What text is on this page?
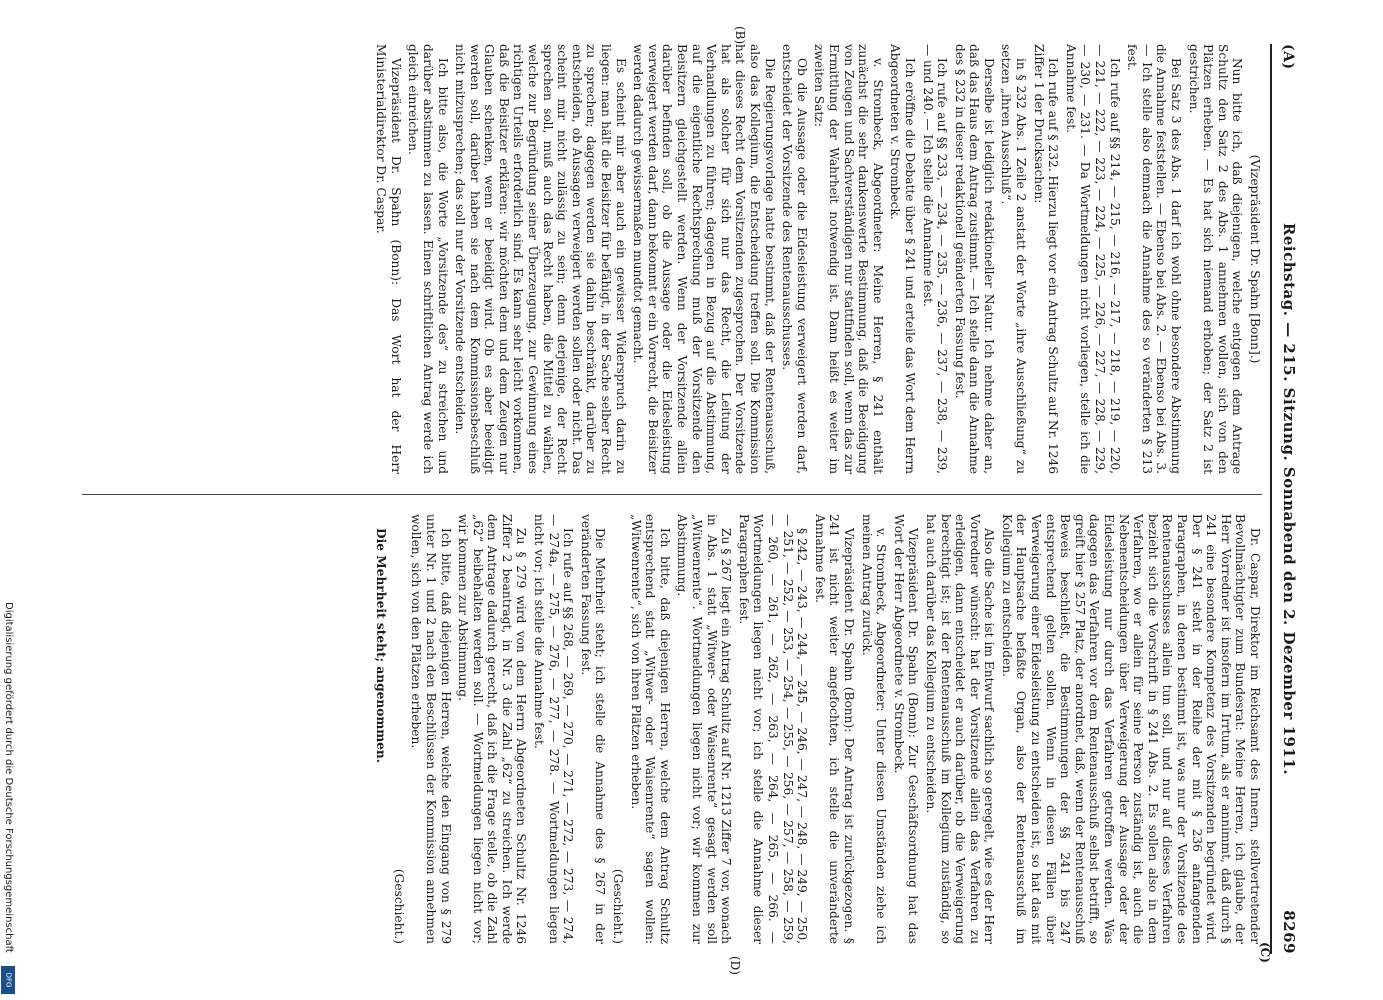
(A)
Reichstag. — 215. Sitzung. Sonnabend den 2. Dezember 1911.
8269
(C)
(B)
(D)

(Vizepräsident Dr. Spahn [Bonn].)

Nun bitte ich, daß diejenigen, welche entgegen dem Antrage Schultz den Satz 2 des Abs. 1 annehmen wollen, sich von den Plätzen erheben. — Es hat sich niemand erhoben; der Satz 2 ist gestrichen.

Bei Satz 3 des Abs. 1 darf ich wohl ohne besondere Abstimmung die Annahme feststellen. — Ebenso bei Abs. 2. — Ebenso bei Abs. 3. — Ich stelle also demnach die Annahme des so veränderten § 213 fest.

Ich rufe auf §§ 214, — 215, — 216, — 217, — 218, — 219, — 220, — 221, — 222, — 223, — 224, — 225, — 226, — 227, — 228, — 229, — 230, — 231. — Da Wortmeldungen nicht vorliegen, stelle ich die Annahme fest.

Ich rufe auf § 232. Hierzu liegt vor ein Antrag Schultz auf Nr. 1246 Ziffer 1 der Drucksachen:

in § 232 Abs. 1 Zeile 2 anstatt der Worte „ihre Ausschließung“ zu setzen „ihren Ausschluß“.

Derselbe ist lediglich redaktioneller Natur. Ich nehme daher an, daß das Haus dem Antrag zustimmt. — Ich stelle dann die Annahme des § 232 in dieser redaktionell geänderten Fassung fest.

Ich rufe auf §§ 233, — 234, — 235, — 236, — 237, — 238, — 239, — und 240. — Ich stelle die Annahme fest.

Ich eröffne die Debatte über § 241 und erteile das Wort dem Herrn Abgeordneten v. Strombeck.

v. Strombeck, Abgeordneter: Meine Herren, § 241 enthält zunächst die sehr dankenswerte Bestimmung, daß die Beeidigung von Zeugen und Sachverständigen nur stattfinden soll, wenn das zur Ermittlung der Wahrheit notwendig ist. Dann heißt es weiter im zweiten Satz:

Ob die Aussage oder die Eidesleistung verweigert werden darf, entscheidet der Vorsitzende des Rentenausschusses.

Die Regierungsvorlage hatte bestimmt, daß der Rentenausschuß, also das Kollegium, die Entscheidung treffen soll. Die Kommission hat dieses Recht dem Vorsitzenden zugesprochen. Der Vorsitzende hat als solcher für sich nur das Recht, die Leitung der Verhandlungen zu führen; dagegen in Bezug auf die Abstimmung, auf die eigentliche Rechtsprechung muß der Vorsitzende den Beisitzern gleichgestellt werden. Wenn der Vorsitzende allein darüber befinden soll, ob die Aussage oder die Eidesleistung verweigert werden darf, dann bekommt er ein Vorrecht, die Beisitzer werden dadurch gewissermaßen mundtot gemacht.

Es scheint mir aber auch ein gewisser Widerspruch darin zu liegen: man hält die Beisitzer für befähigt, in der Sache selber Recht zu sprechen; dagegen werden sie dahin beschränkt, darüber zu entscheiden, ob Aussagen verweigert werden sollen oder nicht. Das scheint mir nicht zulässig zu sein; denn derjenige, der Recht sprechen soll, muß auch das Recht haben, die Mittel zu wählen, welche zur Begründung seiner Überzeugung, zur Gewinnung eines richtigen Urteils erforderlich sind. Es kann sehr leicht vorkommen, daß die Beisitzer erklären: wir möchten dem und dem Zeugen nur Glauben schenken, wenn er beeidigt wird. Ob es aber beeidigt werden soll, darüber haben sie nach dem Kommissionsbeschluß nicht mitzusprechen; das soll nur der Vorsitzende entscheiden.

Ich bitte also, die Worte „Vorsitzende des“ zu streichen und darüber abstimmen zu lassen. Einen schriftlichen Antrag werde ich gleich einreichen.

Vizepräsident Dr. Spahn (Bonn): Das Wort hat der Herr Ministerialdirektor Dr. Caspar.

Dr. Caspar, Direktor im Reichsamt des Innern, stellvertretender Bevollmächtigter zum Bundesrat: Meine Herren, ich glaube, der Herr Vorredner ist insofern im Irrtum, als er annimmt, daß durch § 241 eine besondere Kompetenz des Vorsitzenden begründet wird. Der § 241 steht in der Reihe der mit § 236 anfangenden Paragraphen, in denen bestimmt ist, was nur der Vorsitzende des Rentenausschusses allein tun soll, und nur auf dieses Verfahren bezieht sich die Vorschrift in § 241 Abs. 2. Es sollen also in dem Verfahren, wo er allein für seine Person zuständig ist, auch die Nebenentscheidungen über Verweigerung der Aussage oder der Eidesleistung nur durch das Verfahren getroffen werden. Was dagegen das Verfahren vor dem Rentenausschuß selbst betrifft, so greift hier § 257 Platz, der anordnet, daß, wenn der Rentenausschuß Beweis beschließt, die Bestimmungen der §§ 241 bis 247 entsprechend gelten sollen. Wenn in diesen Fällen über Verweigerung einer Eidesleistung zu entscheiden ist, so hat das mit der Hauptsache befaßte Organ, also der Rentenausschuß im Kollegium zu entscheiden.

Also die Sache ist im Entwurf sachlich so geregelt, wie es der Herr Vorredner wünscht: hat der Vorsitzende allein das Verfahren zu erledigen, dann entscheidet er auch darüber, ob die Verweigerung berechtigt ist; ist der Rentenausschuß im Kollegium zuständig, so hat auch darüber das Kollegium zu entscheiden.

Vizepräsident Dr. Spahn (Bonn): Zur Geschäftsordnung hat das Wort der Herr Abgeordnete v. Strombeck.

v. Strombeck, Abgeordneter: Unter diesen Umständen ziehe ich meinen Antrag zurück.

Vizepräsident Dr. Spahn (Bonn): Der Antrag ist zurückgezogen. § 241 ist nicht weiter angefochten, ich stelle die unveränderte Annahme fest.

§ 242, — 243, — 244, — 245, — 246, — 247, — 248, — 249, — 250, — 251, — 252, — 253, — 254, — 255, — 256, — 257, — 258, — 259, — 260, — 261, — 262, — 263, — 264, — 265, — 266. — Wortmeldungen liegen nicht vor; ich stelle die Annahme dieser Paragraphen fest.

Zu § 267 liegt ein Antrag Schultz auf Nr. 1213 Ziffer 7 vor, wonach in Abs. 1 statt „Witwer- oder Waisenrente“ gesagt werden soll „Witwenrente“. Wortmeldungen liegen nicht vor; wir kommen zur Abstimmung.

Ich bitte, daß diejenigen Herren, welche dem Antrag Schultz entsprechend statt „Witwer- oder Waisenrente“ sagen wollen: „Witwenrente“, sich von ihren Plätzen erheben.

(Geschieht.)

Die Mehrheit steht; ich stelle die Annahme des § 267 in der veränderten Fassung fest.

Ich rufe auf §§ 268, — 269, — 270, — 271, — 272, — 273, — 274, — 274a, — 275, — 276, — 277, — 278. — Wortmeldungen liegen nicht vor; ich stelle die Annahme fest.

Zu § 279 wird von dem Herrn Abgeordneten Schultz Nr. 1246 Ziffer 2 beantragt, in Nr. 3 die Zahl „62“ zu streichen. Ich werde dem Antrage dadurch gerecht, daß ich die Frage stelle, ob die Zahl „62“ beibehalten werden soll. — Wortmeldungen liegen nicht vor; wir kommen zur Abstimmung.

Ich bitte, daß diejenigen Herren, welche den Eingang von § 279 unter Nr. 1 und 2 nach den Beschlüssen der Kommission annehmen wollen, sich von den Plätzen erheben.

(Geschieht.)

Die Mehrheit steht; angenommen.

Digitalisierung gefördert durch die Deutsche Forschungsgemeinschaft
DFG
